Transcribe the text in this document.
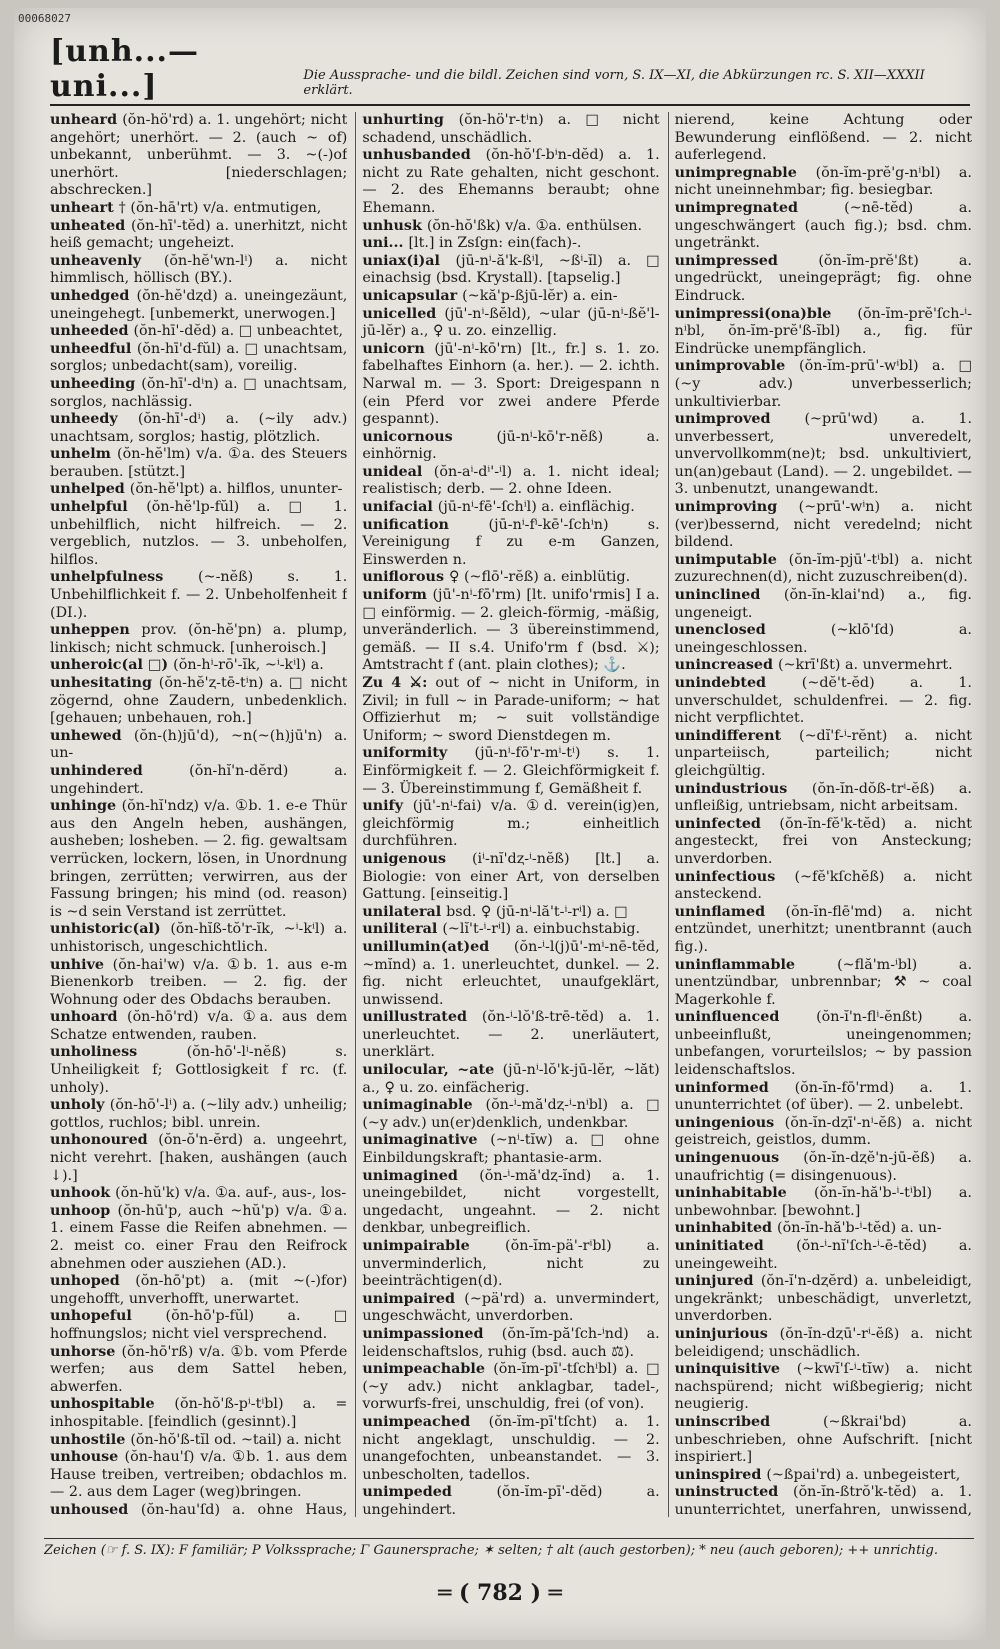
00068027
[unh...—uni...]	Die Aussprache- und die bildl. Zeichen sind vorn, S. IX—XI, die Abkürzungen rc. S. XII—XXXII erklärt.

unheard (ŏn-hö'rd) a. 1. ungehört; nicht angehört; unerhört. — 2. (auch ~ of) unbekannt, unberühmt. — 3. ~(-)of unerhört. [niederschlagen; abschrecken.]

unheart † (ŏn-hā'rt) v/a. entmutigen,

unheated (ŏn-hī'-tĕd) a. unerhitzt, nicht heiß gemacht; ungeheizt.

unheavenly (ŏn-hĕ'wn-lⁱ) a. nicht himmlisch, höllisch (BY.).

unhedged (ŏn-hĕ'dⱬd) a. uneingezäunt, uneingehegt. [unbemerkt, unerwogen.]

unheeded (ŏn-hī'-dĕd) a. □ unbeachtet,

unheedful (ŏn-hī'd-fŭl) a. □ unachtsam, sorglos; unbedacht(sam), voreilig.

unheeding (ŏn-hī'-dⁱn) a. □ unachtsam, sorglos, nachlässig.

unheedy (ŏn-hī'-dⁱ) a. (~ily adv.) unachtsam, sorglos; hastig, plötzlich.

unhelm (ŏn-hĕ'lm) v/a. ①a. des Steuers berauben. [stützt.]

unhelped (ŏn-hĕ'lpt) a. hilflos, ununter-

unhelpful (ŏn-hĕ'lp-fŭl) a. □ 1. unbehilflich, nicht hilfreich. — 2. vergeblich, nutzlos. — 3. unbeholfen, hilflos.

unhelpfulness (~-nĕß) s. 1. Unbehilflichkeit f. — 2. Unbeholfenheit f (DI.).

unheppen prov. (ŏn-hĕ'pn) a. plump, linkisch; nicht schmuck. [unheroisch.]

unheroic(al □) (ŏn-hⁱ-rō'-ĭk, ~ⁱ-kⁱl) a.

unhesitating (ŏn-hĕ'ⱬ-tē-tⁱn) a. □ nicht zögernd, ohne Zaudern, unbedenklich. [gehauen; unbehauen, roh.]

unhewed (ŏn-(h)jū'd), ~n(~(h)jū'n) a. un-

unhindered (ŏn-hĭ'n-dĕrd) a. ungehindert.

unhinge (ŏn-hĭ'ndⱬ) v/a. ①b. 1. e-e Thür aus den Angeln heben, aushängen, ausheben; losheben. — 2. fig. gewaltsam verrücken, lockern, lösen, in Unordnung bringen, zerrütten; verwirren, aus der Fassung bringen; his mind (od. reason) is ~d sein Verstand ist zerrüttet.

unhistoric(al) (ŏn-hĭß-tŏ'r-ĭk, ~ⁱ-kⁱl) a. unhistorisch, ungeschichtlich.

unhive (ŏn-hai'w) v/a. ①b. 1. aus e-m Bienenkorb treiben. — 2. fig. der Wohnung oder des Obdachs berauben.

unhoard (ŏn-hō'rd) v/a. ①a. aus dem Schatze entwenden, rauben.

unholiness (ŏn-hō'-lⁱ-nĕß) s. Unheiligkeit f; Gottlosigkeit f rc. (f. unholy).

unholy (ŏn-hō'-lⁱ) a. (~lily adv.) unheilig; gottlos, ruchlos; bibl. unrein.

unhonoured (ŏn-ŏ'n-ĕrd) a. ungeehrt, nicht verehrt. [haken, aushängen (auch ↓).]

unhook (ŏn-hŭ'k) v/a. ①a. auf-, aus-, los-

unhoop (ŏn-hū'p, auch ~hŭ'p) v/a. ①a. 1. einem Fasse die Reifen abnehmen. — 2. meist co. einer Frau den Reifrock abnehmen oder ausziehen (AD.).

unhoped (ŏn-hō'pt) a. (mit ~(-)for) ungehofft, unverhofft, unerwartet.

unhopeful (ŏn-hō'p-fŭl) a. □ hoffnungslos; nicht viel versprechend.

unhorse (ŏn-hō'rß) v/a. ①b. vom Pferde werfen; aus dem Sattel heben, abwerfen.

unhospitable (ŏn-hŏ'ß-pⁱ-tⁱbl) a. = inhospitable. [feindlich (gesinnt).]

unhostile (ŏn-hŏ'ß-tĭl od. ~tail) a. nicht

unhouse (ŏn-hau'ſ) v/a. ①b. 1. aus dem Hause treiben, vertreiben; obdachlos m. — 2. aus dem Lager (weg)bringen.

unhoused (ŏn-hau'ſd) a. ohne Haus,

unhurting (ŏn-hö'r-tⁱn) a. □ nicht schadend, unschädlich.

unhusbanded (ŏn-hŏ'ſ-bⁱn-dĕd) a. 1. nicht zu Rate gehalten, nicht geschont. — 2. des Ehemanns beraubt; ohne Ehemann.

unhusk (ŏn-hŏ'ßk) v/a. ①a. enthülsen.

uni... [lt.] in Zsſgn: ein(fach)-.

uniax(i)al (jū-nⁱ-ă'k-ßⁱl, ~ßⁱ-ĭl) a. □ einachsig (bsd. Krystall). [tapselig.]

unicapsular (~kă'p-ßjū-lĕr) a. ein-

unicelled (jū'-nⁱ-ßĕld), ~ular (jū-nⁱ-ßĕ'l-jū-lĕr) a., ♀ u. zo. einzellig.

unicorn (jū'-nⁱ-kō'rn) [lt., fr.] s. 1. zo. fabelhaftes Einhorn (a. her.). — 2. ichth. Narwal m. — 3. Sport: Dreigespann n (ein Pferd vor zwei andere Pferde gespannt).

unicornous (jū-nⁱ-kō'r-nĕß) a. einhörnig.

unideal (ŏn-aⁱ-dⁱ'-ⁱl) a. 1. nicht ideal; realistisch; derb. — 2. ohne Ideen.

unifacial (jū-nⁱ-fē'-ſchⁱl) a. einflächig.

unification (jū-nⁱ-fⁱ-kē'-ſchⁱn) s. Vereinigung f zu e-m Ganzen, Einswerden n.

uniflorous ♀ (~flō'-rĕß) a. einblütig.

uniform (jū'-nⁱ-fō'rm) [lt. unifo'rmis] I a. □ einförmig. — 2. gleich-förmig, -mäßig, unveränderlich. — 3 übereinstimmend, gemäß. — II s.4. Unifo'rm f (bsd. ⚔); Amtstracht f (ant. plain clothes); ⚓.

Zu 4 ⚔: out of ~ nicht in Uniform, in Zivil; in full ~ in Parade-uniform; ~ hat Offizierhut m; ~ suit vollständige Uniform; ~ sword Dienstdegen m.

uniformity (jū-nⁱ-fō'r-mⁱ-tⁱ) s. 1. Einförmigkeit f. — 2. Gleichförmigkeit f. — 3. Übereinstimmung f, Gemäßheit f.

unify (jū'-nⁱ-fai) v/a. ①d. verein(ig)en, gleichförmig m.; einheitlich durchführen.

unigenous (iⁱ-nĭ'dⱬ-ⁱ-nĕß) [lt.] a. Biologie: von einer Art, von derselben Gattung. [einseitig.]

unilateral bsd. ♀ (jū-nⁱ-lă't-ⁱ-rⁱl) a. □

uniliteral (~lĭ't-ⁱ-rⁱl) a. einbuchstabig.

unillumin(at)ed (ŏn-ⁱ-l(j)ū'-mⁱ-nē-tĕd, ~mĭnd) a. 1. unerleuchtet, dunkel. — 2. fig. nicht erleuchtet, unaufgeklärt, unwissend.

unillustrated (ŏn-ⁱ-lŏ'ß-trē-tĕd) a. 1. unerleuchtet. — 2. unerläutert, unerklärt.

unilocular, ~ate (jū-nⁱ-lŏ'k-jū-lĕr, ~lăt) a., ♀ u. zo. einfächerig.

unimaginable (ŏn-ⁱ-mă'dⱬ-ⁱ-nⁱbl) a. □ (~y adv.) un(er)denklich, undenkbar.

unimaginative (~nⁱ-tĭw) a. □ ohne Einbildungskraft; phantasie-arm.

unimagined (ŏn-ⁱ-mă'dⱬ-ĭnd) a. 1. uneingebildet, nicht vorgestellt, ungedacht, ungeahnt. — 2. nicht denkbar, unbegreiflich.

unimpairable (ŏn-ĭm-pä'-rⁱbl) a. unverminderlich, nicht zu beeinträchtigen(d).

unimpaired (~pä'rd) a. unvermindert, ungeschwächt, unverdorben.

unimpassioned (ŏn-ĭm-pă'ſch-ⁱnd) a. leidenschaftslos, ruhig (bsd. auch ⚖).

unimpeachable (ŏn-ĭm-pī'-tſchⁱbl) a. □ (~y adv.) nicht anklagbar, tadel-, vorwurfs-frei, unschuldig, frei (of von).

unimpeached (ŏn-ĭm-pī'tſcht) a. 1. nicht angeklagt, unschuldig. — 2. unangefochten, unbeanstandet. — 3. unbescholten, tadellos.

unimpeded (ŏn-ĭm-pī'-dĕd) a. ungehindert.

nierend, keine Achtung oder Bewunderung einflößend. — 2. nicht auferlegend.

unimpregnable (ŏn-ĭm-prĕ'g-nⁱbl) a. nicht uneinnehmbar; fig. besiegbar.

unimpregnated (~nē-tĕd) a. ungeschwängert (auch fig.); bsd. chm. ungetränkt.

unimpressed (ŏn-ĭm-prĕ'ßt) a. ungedrückt, uneingeprägt; fig. ohne Eindruck.

unimpressi(ona)ble (ŏn-ĭm-prĕ'ſch-ⁱ-nⁱbl, ŏn-ĭm-prĕ'ß-ĭbl) a., fig. für Eindrücke unempfänglich.

unimprovable (ŏn-ĭm-prū'-wⁱbl) a. □ (~y adv.) unverbesserlich; unkultivierbar.

unimproved (~prū'wd) a. 1. unverbessert, unveredelt, unvervollkomm(ne)t; bsd. unkultiviert, un(an)gebaut (Land). — 2. ungebildet. — 3. unbenutzt, unangewandt.

unimproving (~prū'-wⁱn) a. nicht (ver)bessernd, nicht veredelnd; nicht bildend.

unimputable (ŏn-ĭm-pjū'-tⁱbl) a. nicht zuzurechnen(d), nicht zuzuschreiben(d).

uninclined (ŏn-ĭn-klai'nd) a., fig. ungeneigt.

unenclosed (~klō'ſd) a. uneingeschlossen.

unincreased (~krī'ßt) a. unvermehrt.

unindebted (~dĕ't-ĕd) a. 1. unverschuldet, schuldenfrei. — 2. fig. nicht verpflichtet.

unindifferent (~dĭ'f-ⁱ-rĕnt) a. nicht unparteiisch, parteilich; nicht gleichgültig.

unindustrious (ŏn-ĭn-dŏß-trⁱ-ĕß) a. unfleißig, untriebsam, nicht arbeitsam.

uninfected (ŏn-ĭn-fĕ'k-tĕd) a. nicht angesteckt, frei von Ansteckung; unverdorben.

uninfectious (~fĕ'kſchĕß) a. nicht ansteckend.

uninflamed (ŏn-ĭn-flē'md) a. nicht entzündet, unerhitzt; unentbrannt (auch fig.).

uninflammable (~flă'm-ⁱbl) a. unentzündbar, unbrennbar; ⚒ ~ coal Magerkohle f.

uninfluenced (ŏn-ĭ'n-flⁱ-ĕnßt) a. unbeeinflußt, uneingenommen; unbefangen, vorurteilslos; ~ by passion leidenschaftslos.

uninformed (ŏn-ĭn-fō'rmd) a. 1. ununterrichtet (of über). — 2. unbelebt.

uningenious (ŏn-ĭn-dⱬī'-nⁱ-ĕß) a. nicht geistreich, geistlos, dumm.

uningenuous (ŏn-ĭn-dⱬĕ'n-jū-ĕß) a. unaufrichtig (= disingenuous).

uninhabitable (ŏn-ĭn-hă'b-ⁱ-tⁱbl) a. unbewohnbar. [bewohnt.]

uninhabited (ŏn-ĭn-hă'b-ⁱ-tĕd) a. un-

uninitiated (ŏn-ⁱ-nĭ'ſch-ⁱ-ē-tĕd) a. uneingeweiht.

uninjured (ŏn-ĭ'n-dⱬĕrd) a. unbeleidigt, ungekränkt; unbeschädigt, unverletzt, unverdorben.

uninjurious (ŏn-ĭn-dⱬū'-rⁱ-ĕß) a. nicht beleidigend; unschädlich.

uninquisitive (~kwĭ'ſ-ⁱ-tĭw) a. nicht nachspürend; nicht wißbegierig; nicht neugierig.

uninscribed (~ßkrai'bd) a. unbeschrieben, ohne Aufschrift. [nicht inspiriert.]

uninspired (~ßpai'rd) a. unbegeistert,

uninstructed (ŏn-ĭn-ßtrŏ'k-tĕd) a. 1. ununterrichtet, unerfahren, unwissend,

Zeichen (☞ f. S. IX): F familiär; P Volkssprache; Γ Gaunersprache; ✶ selten; † alt (auch gestorben); * neu (auch geboren); ++ unrichtig.
═ ( 782 ) ═
